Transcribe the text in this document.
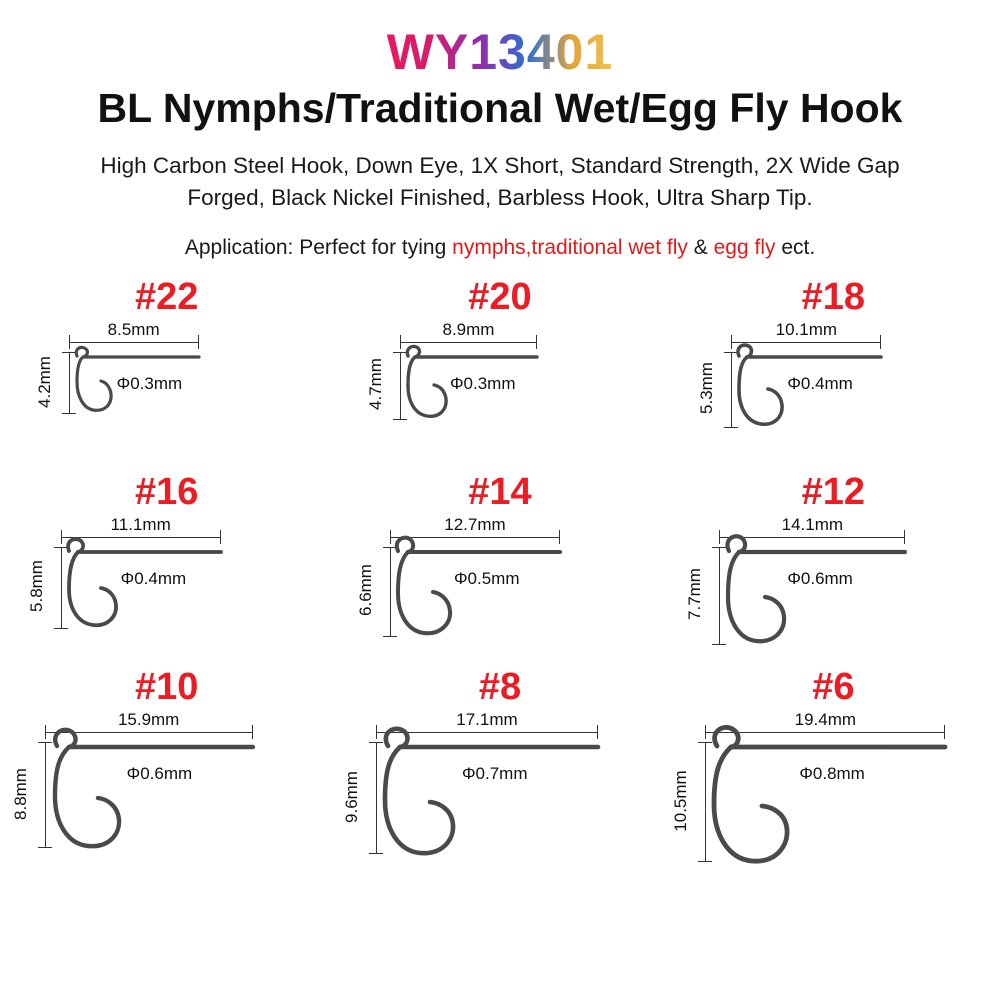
WY13401
BL Nymphs/Traditional Wet/Egg Fly Hook
High Carbon Steel Hook, Down Eye, 1X Short, Standard Strength, 2X Wide Gap
Forged, Black Nickel Finished, Barbless Hook, Ultra Sharp Tip.
Application: Perfect for tying nymphs,traditional wet fly & egg fly ect.
#22
8.5mm
4.2mm	Φ0.3mm
#20
8.9mm
4.7mm	Φ0.3mm
#18
10.1mm
5.3mm	Φ0.4mm
#16
11.1mm
5.8mm	Φ0.4mm
#14
12.7mm
6.6mm	Φ0.5mm
#12
14.1mm
7.7mm	Φ0.6mm
#10
15.9mm
8.8mm	Φ0.6mm
#8
17.1mm
9.6mm	Φ0.7mm
#6
19.4mm
10.5mm	Φ0.8mm
